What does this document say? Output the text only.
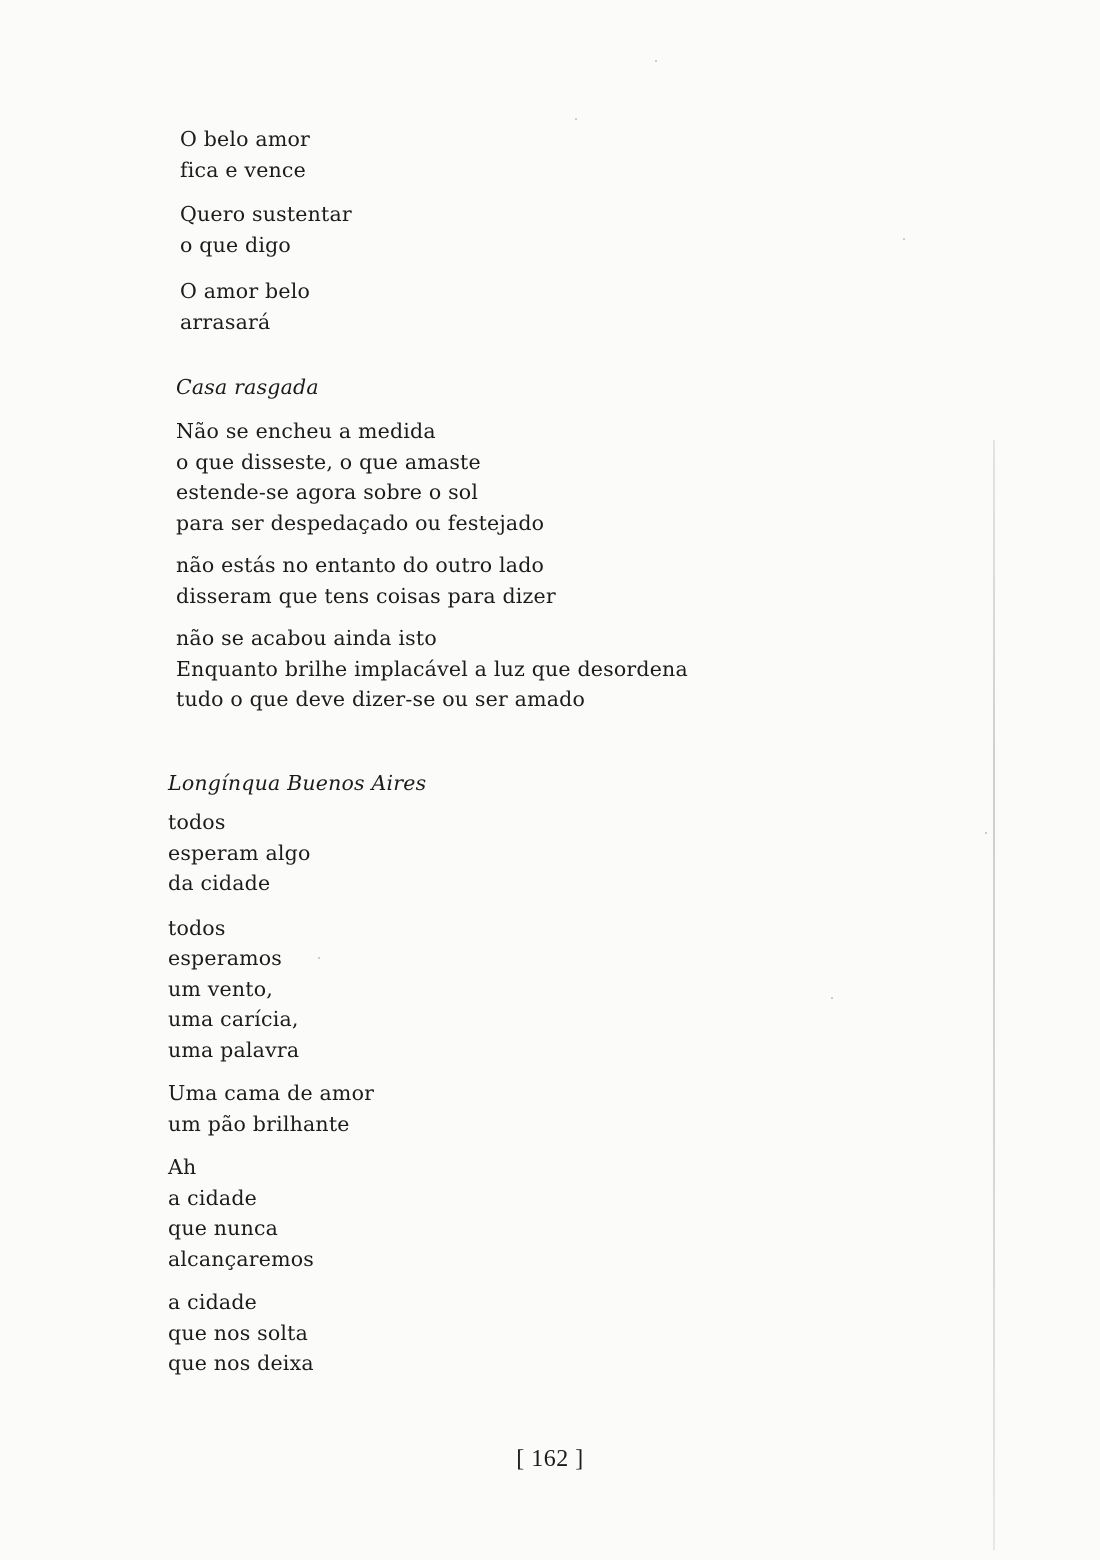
O belo amor
fica e vence
Quero sustentar
o que digo
O amor belo
arrasará
Casa rasgada
Não se encheu a medida
o que disseste, o que amaste
estende-se agora sobre o sol
para ser despedaçado ou festejado
não estás no entanto do outro lado
disseram que tens coisas para dizer
não se acabou ainda isto
Enquanto brilhe implacável a luz que desordena
tudo o que deve dizer-se ou ser amado
Longínqua Buenos Aires
todos
esperam algo
da cidade
todos
esperamos
um vento,
uma carícia,
uma palavra
Uma cama de amor
um pão brilhante
Ah
a cidade
que nunca
alcançaremos
a cidade
que nos solta
que nos deixa
[ 162 ]
